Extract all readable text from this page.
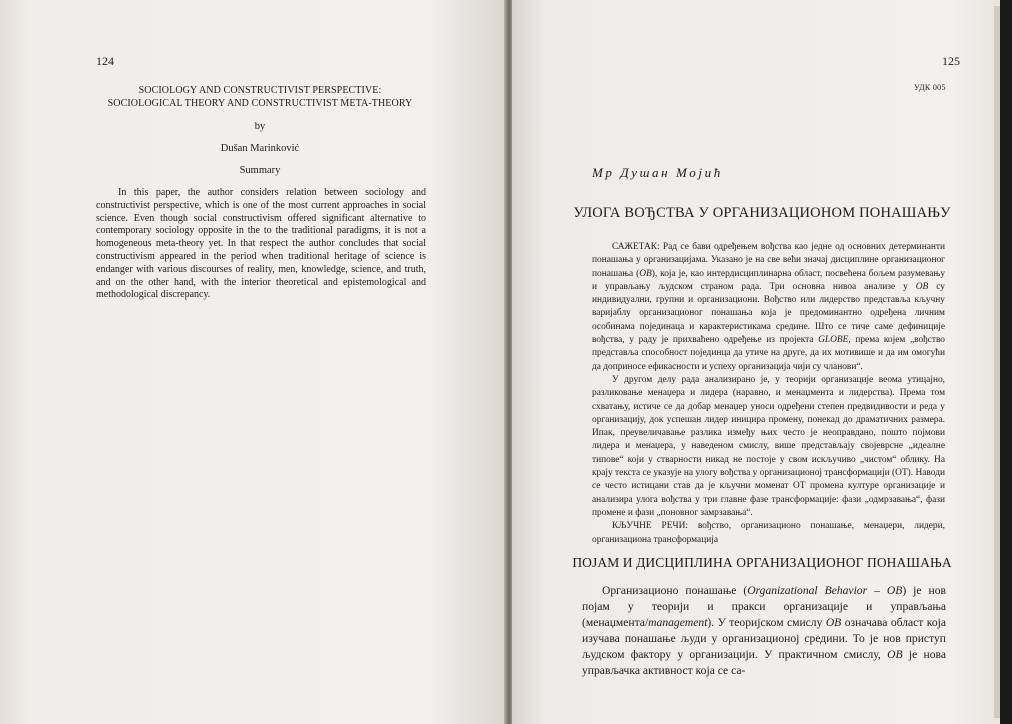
124
SOCIOLOGY AND CONSTRUCTIVIST PERSPECTIVE:
SOCIOLOGICAL THEORY AND CONSTRUCTIVIST META-THEORY
by
Dušan Marinković
Summary

In this paper, the author considers relation between sociology and constructivist perspective, which is one of the most current approaches in social science. Even though social constructivism offered significant alternative to contemporary sociology opposite in the to the traditional paradigms, it is not a homogeneous meta-theory yet. In that respect the author concludes that social constructivism appeared in the period when traditional heritage of science is endanger with various discourses of reality, men, knowledge, science, and truth, and on the other hand, with the interior theoretical and epistemological and methodological discrepancy.

125
УДК 005
Мр Душан Мојић
УЛОГА ВОЂСТВА У ОРГАНИЗАЦИОНОМ ПОНАШАЊУ

САЖЕТАК: Рад се бави одређењем вођства као једне од основних детерминанти понашања у организацијама. Указано је на све већи значај дисциплине организационог понашања (ОВ), која је, као интердисциплинарна област, посвећена бољем разумевању и управљању људском страном рада. Три основна нивоа анализе у ОВ су индивидуални, групни и организациони. Вођство или лидерство представља кључну варијаблу организационог понашања која је предоминантно одређена личним особинама појединаца и карактеристикама средине. Што се тиче саме дефиниције вођства, у раду је прихваћено одређење из пројекта GLOBE, према којем „вођство представља способност појединца да утиче на друге, да их мотивише и да им омогући да доприносе ефикасности и успеху организација чији су чланови“.

У другом делу рада анализирано је, у теорији организације веома утицајно, разликовање менаџера и лидера (наравно, и менаџмента и лидерства). Према том схватању, истиче се да добар менаџер уноси одређени степен предвидивости и реда у организацију, док успешан лидер иницира промену, понекад до драматичних размера. Ипак, преувеличавање разлика између њих често је неоправдано, пошто појмови лидера и менаџера, у наведеном смислу, више представљају својеврсне „идеалне типове“ који у стварности никад не постоје у свом искључиво „чистом“ облику. На крају текста се указује на улогу вођства у организационој трансформацији (ОТ). Наводи се често истицани став да је кључни моменат ОТ промена културе организације и анализира улога вођства у три главне фазе трансформације: фази „одмрзавања“, фази промене и фази „поновног замрзавања“.

КЉУЧНЕ РЕЧИ: вођство, организационо понашање, менаџери, лидери, организациона трансформација

ПОЈАМ И ДИСЦИПЛИНА ОРГАНИЗАЦИОНОГ ПОНАШАЊА

Организационо понашање (Organizational Behavior – OB) је нов појам у теорији и пракси организације и управљања (менаџмента/management). У теоријском смислу ОВ означава област која изучава понашање људи у организационој средини. То је нов приступ људском фактору у организацији. У практичном смислу, ОВ је нова управљачка активност која се са-
